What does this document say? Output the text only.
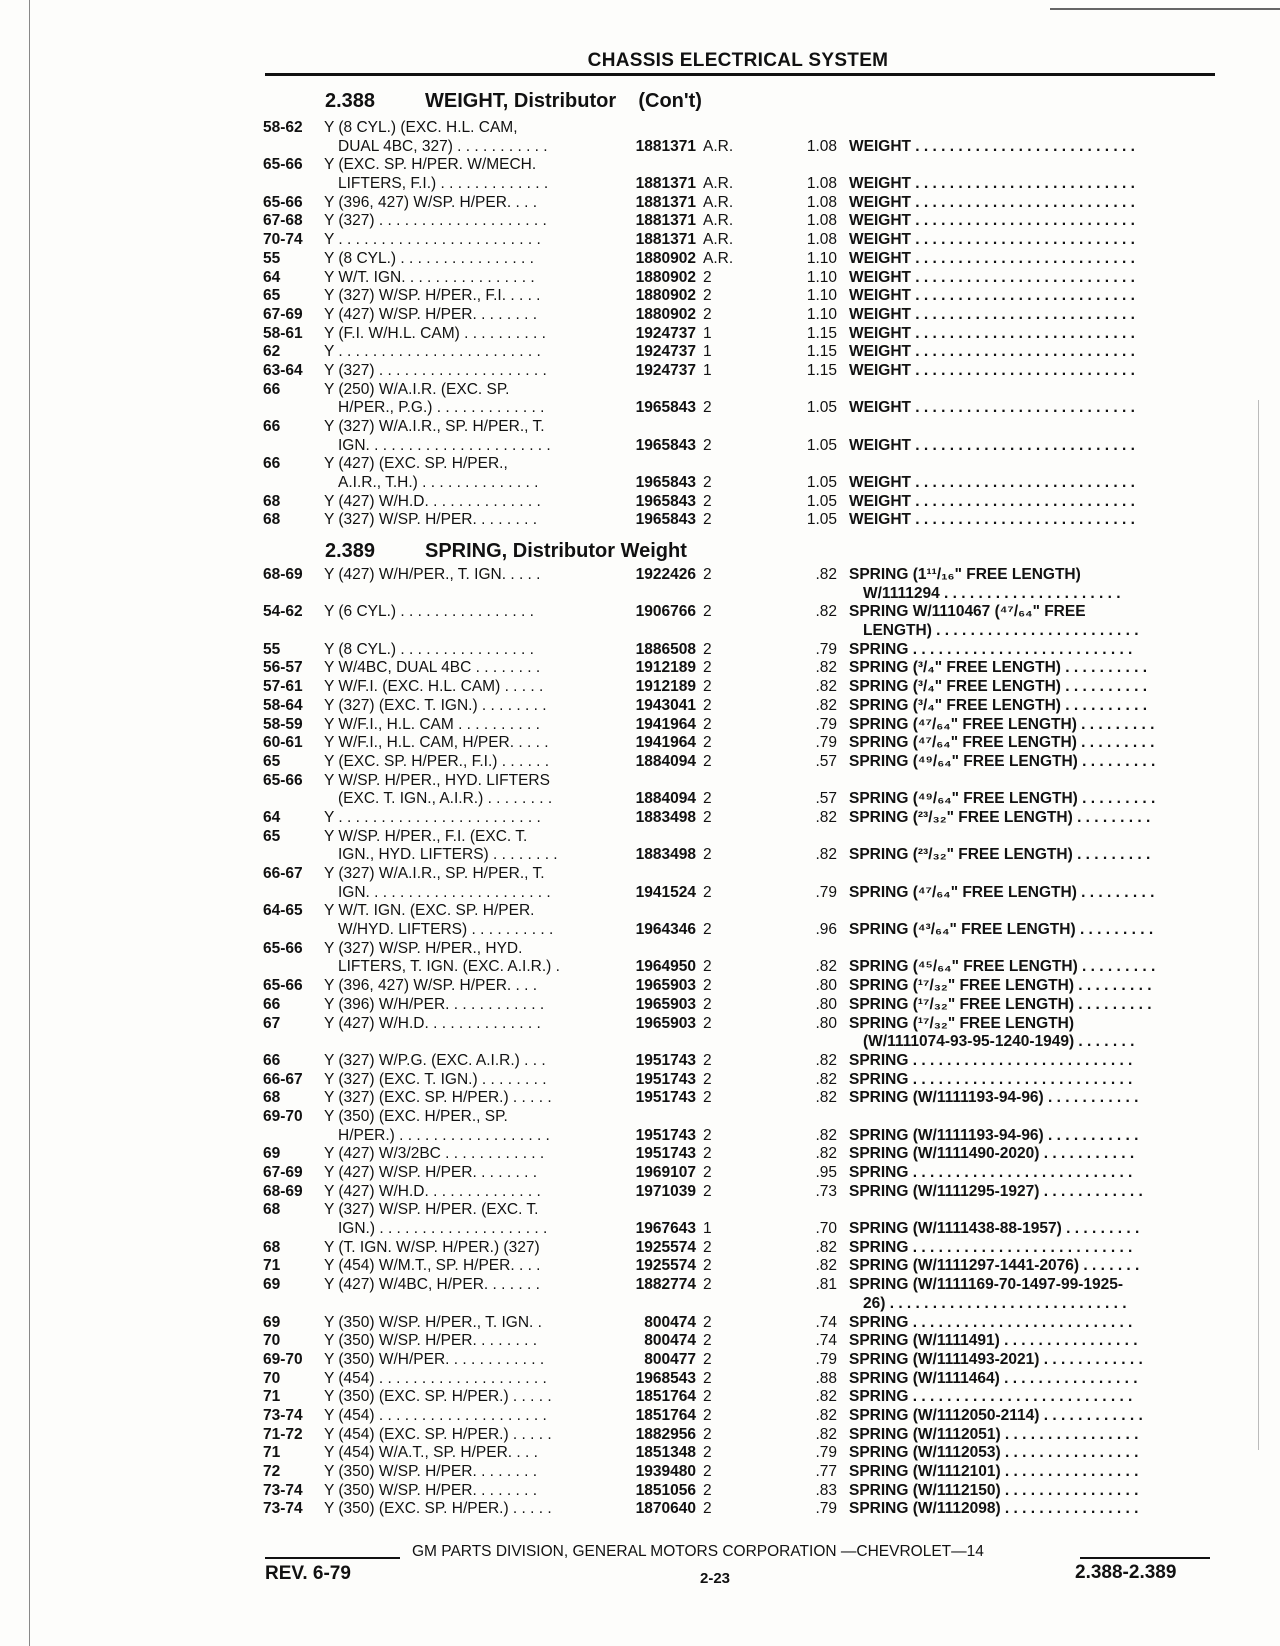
CHASSIS ELECTRICAL SYSTEM
2.388 WEIGHT, Distributor (Con't)
58-62	Y (8 CYL.) (EXC. H.L. CAM,
DUAL 4BC, 327) . . . . . . . . . . .	1881371 A.R.	1.08 WEIGHT . . . . . . . . . . . . . . . . . . . . . . . . . .
65-66	Y (EXC. SP. H/PER. W/MECH.
LIFTERS, F.I.) . . . . . . . . . . . . .	1881371 A.R.	1.08 WEIGHT . . . . . . . . . . . . . . . . . . . . . . . . . .
65-66	Y (396, 427) W/SP. H/PER. . . .	1881371 A.R.	1.08 WEIGHT . . . . . . . . . . . . . . . . . . . . . . . . . .
67-68	Y (327) . . . . . . . . . . . . . . . . . . . .	1881371 A.R.	1.08 WEIGHT . . . . . . . . . . . . . . . . . . . . . . . . . .
70-74	Y . . . . . . . . . . . . . . . . . . . . . . . .	1881371 A.R.	1.08 WEIGHT . . . . . . . . . . . . . . . . . . . . . . . . . .
55	Y (8 CYL.) . . . . . . . . . . . . . . . .	1880902 A.R.	1.10 WEIGHT . . . . . . . . . . . . . . . . . . . . . . . . . .
64	Y W/T. IGN. . . . . . . . . . . . . . . .	1880902 2	1.10 WEIGHT . . . . . . . . . . . . . . . . . . . . . . . . . .
65	Y (327) W/SP. H/PER., F.I. . . . .	1880902 2	1.10 WEIGHT . . . . . . . . . . . . . . . . . . . . . . . . . .
67-69	Y (427) W/SP. H/PER. . . . . . . .	1880902 2	1.10 WEIGHT . . . . . . . . . . . . . . . . . . . . . . . . . .
58-61	Y (F.I. W/H.L. CAM) . . . . . . . . . .	1924737 1	1.15 WEIGHT . . . . . . . . . . . . . . . . . . . . . . . . . .
62	Y . . . . . . . . . . . . . . . . . . . . . . . .	1924737 1	1.15 WEIGHT . . . . . . . . . . . . . . . . . . . . . . . . . .
63-64	Y (327) . . . . . . . . . . . . . . . . . . . .	1924737 1	1.15 WEIGHT . . . . . . . . . . . . . . . . . . . . . . . . . .
66	Y (250) W/A.I.R. (EXC. SP.
H/PER., P.G.) . . . . . . . . . . . . .	1965843 2	1.05 WEIGHT . . . . . . . . . . . . . . . . . . . . . . . . . .
66	Y (327) W/A.I.R., SP. H/PER., T.
IGN. . . . . . . . . . . . . . . . . . . . . .	1965843 2	1.05 WEIGHT . . . . . . . . . . . . . . . . . . . . . . . . . .
66	Y (427) (EXC. SP. H/PER.,
A.I.R., T.H.) . . . . . . . . . . . . . .	1965843 2	1.05 WEIGHT . . . . . . . . . . . . . . . . . . . . . . . . . .
68	Y (427) W/H.D. . . . . . . . . . . . . .	1965843 2	1.05 WEIGHT . . . . . . . . . . . . . . . . . . . . . . . . . .
68	Y (327) W/SP. H/PER. . . . . . . .	1965843 2	1.05 WEIGHT . . . . . . . . . . . . . . . . . . . . . . . . . .
2.389 SPRING, Distributor Weight
68-69	Y (427) W/H/PER., T. IGN. . . . .	1922426 2	.82 SPRING (1¹¹/₁₆" FREE LENGTH)
W/1111294 . . . . . . . . . . . . . . . . . . . . .
54-62	Y (6 CYL.) . . . . . . . . . . . . . . . .	1906766 2	.82 SPRING W/1110467 (⁴⁷/₆₄" FREE
LENGTH) . . . . . . . . . . . . . . . . . . . . . . . .
55	Y (8 CYL.) . . . . . . . . . . . . . . . .	1886508 2	.79 SPRING . . . . . . . . . . . . . . . . . . . . . . . . . .
56-57	Y W/4BC, DUAL 4BC . . . . . . . .	1912189 2	.82 SPRING (³/₄" FREE LENGTH) . . . . . . . . . .
57-61	Y W/F.I. (EXC. H.L. CAM) . . . . .	1912189 2	.82 SPRING (³/₄" FREE LENGTH) . . . . . . . . . .
58-64	Y (327) (EXC. T. IGN.) . . . . . . . .	1943041 2	.82 SPRING (³/₄" FREE LENGTH) . . . . . . . . . .
58-59	Y W/F.I., H.L. CAM . . . . . . . . . .	1941964 2	.79 SPRING (⁴⁷/₆₄" FREE LENGTH) . . . . . . . . .
60-61	Y W/F.I., H.L. CAM, H/PER. . . . .	1941964 2	.79 SPRING (⁴⁷/₆₄" FREE LENGTH) . . . . . . . . .
65	Y (EXC. SP. H/PER., F.I.) . . . . . .	1884094 2	.57 SPRING (⁴⁹/₆₄" FREE LENGTH) . . . . . . . . .
65-66	Y W/SP. H/PER., HYD. LIFTERS
(EXC. T. IGN., A.I.R.) . . . . . . . .	1884094 2	.57 SPRING (⁴⁹/₆₄" FREE LENGTH) . . . . . . . . .
64	Y . . . . . . . . . . . . . . . . . . . . . . . .	1883498 2	.82 SPRING (²³/₃₂" FREE LENGTH) . . . . . . . . .
65	Y W/SP. H/PER., F.I. (EXC. T.
IGN., HYD. LIFTERS) . . . . . . . .	1883498 2	.82 SPRING (²³/₃₂" FREE LENGTH) . . . . . . . . .
66-67	Y (327) W/A.I.R., SP. H/PER., T.
IGN. . . . . . . . . . . . . . . . . . . . . .	1941524 2	.79 SPRING (⁴⁷/₆₄" FREE LENGTH) . . . . . . . . .
64-65	Y W/T. IGN. (EXC. SP. H/PER.
W/HYD. LIFTERS) . . . . . . . . . .	1964346 2	.96 SPRING (⁴³/₆₄" FREE LENGTH) . . . . . . . . .
65-66	Y (327) W/SP. H/PER., HYD.
LIFTERS, T. IGN. (EXC. A.I.R.) .	1964950 2	.82 SPRING (⁴⁵/₆₄" FREE LENGTH) . . . . . . . . .
65-66	Y (396, 427) W/SP. H/PER. . . .	1965903 2	.80 SPRING (¹⁷/₃₂" FREE LENGTH) . . . . . . . . .
66	Y (396) W/H/PER. . . . . . . . . . . .	1965903 2	.80 SPRING (¹⁷/₃₂" FREE LENGTH) . . . . . . . . .
67	Y (427) W/H.D. . . . . . . . . . . . . .	1965903 2	.80 SPRING (¹⁷/₃₂" FREE LENGTH)
(W/1111074-93-95-1240-1949) . . . . . . .
66	Y (327) W/P.G. (EXC. A.I.R.) . . .	1951743 2	.82 SPRING . . . . . . . . . . . . . . . . . . . . . . . . . .
66-67	Y (327) (EXC. T. IGN.) . . . . . . . .	1951743 2	.82 SPRING . . . . . . . . . . . . . . . . . . . . . . . . . .
68	Y (327) (EXC. SP. H/PER.) . . . . .	1951743 2	.82 SPRING (W/1111193-94-96) . . . . . . . . . . .
69-70	Y (350) (EXC. H/PER., SP.
H/PER.) . . . . . . . . . . . . . . . . . .	1951743 2	.82 SPRING (W/1111193-94-96) . . . . . . . . . . .
69	Y (427) W/3/2BC . . . . . . . . . . . .	1951743 2	.82 SPRING (W/1111490-2020) . . . . . . . . . . .
67-69	Y (427) W/SP. H/PER. . . . . . . .	1969107 2	.95 SPRING . . . . . . . . . . . . . . . . . . . . . . . . . .
68-69	Y (427) W/H.D. . . . . . . . . . . . . .	1971039 2	.73 SPRING (W/1111295-1927) . . . . . . . . . . . .
68	Y (327) W/SP. H/PER. (EXC. T.
IGN.) . . . . . . . . . . . . . . . . . . . .	1967643 1	.70 SPRING (W/1111438-88-1957) . . . . . . . . .
68	Y (T. IGN. W/SP. H/PER.) (327)	1925574 2	.82 SPRING . . . . . . . . . . . . . . . . . . . . . . . . . .
71	Y (454) W/M.T., SP. H/PER. . . .	1925574 2	.82 SPRING (W/1111297-1441-2076) . . . . . . .
69	Y (427) W/4BC, H/PER. . . . . . .	1882774 2	.81 SPRING (W/1111169-70-1497-99-1925-
26) . . . . . . . . . . . . . . . . . . . . . . . . . . . .
69	Y (350) W/SP. H/PER., T. IGN. .	800474 2	.74 SPRING . . . . . . . . . . . . . . . . . . . . . . . . . .
70	Y (350) W/SP. H/PER. . . . . . . .	800474 2	.74 SPRING (W/1111491) . . . . . . . . . . . . . . . .
69-70	Y (350) W/H/PER. . . . . . . . . . . .	800477 2	.79 SPRING (W/1111493-2021) . . . . . . . . . . . .
70	Y (454) . . . . . . . . . . . . . . . . . . . .	1968543 2	.88 SPRING (W/1111464) . . . . . . . . . . . . . . . .
71	Y (350) (EXC. SP. H/PER.) . . . . .	1851764 2	.82 SPRING . . . . . . . . . . . . . . . . . . . . . . . . . .
73-74	Y (454) . . . . . . . . . . . . . . . . . . . .	1851764 2	.82 SPRING (W/1112050-2114) . . . . . . . . . . . .
71-72	Y (454) (EXC. SP. H/PER.) . . . . .	1882956 2	.82 SPRING (W/1112051) . . . . . . . . . . . . . . . .
71	Y (454) W/A.T., SP. H/PER. . . .	1851348 2	.79 SPRING (W/1112053) . . . . . . . . . . . . . . . .
72	Y (350) W/SP. H/PER. . . . . . . .	1939480 2	.77 SPRING (W/1112101) . . . . . . . . . . . . . . . .
73-74	Y (350) W/SP. H/PER. . . . . . . .	1851056 2	.83 SPRING (W/1112150) . . . . . . . . . . . . . . . .
73-74	Y (350) (EXC. SP. H/PER.) . . . . .	1870640 2	.79 SPRING (W/1112098) . . . . . . . . . . . . . . . .
GM PARTS DIVISION, GENERAL MOTORS CORPORATION —CHEVROLET—14
REV. 6-79	2-23	2.388-2.389
